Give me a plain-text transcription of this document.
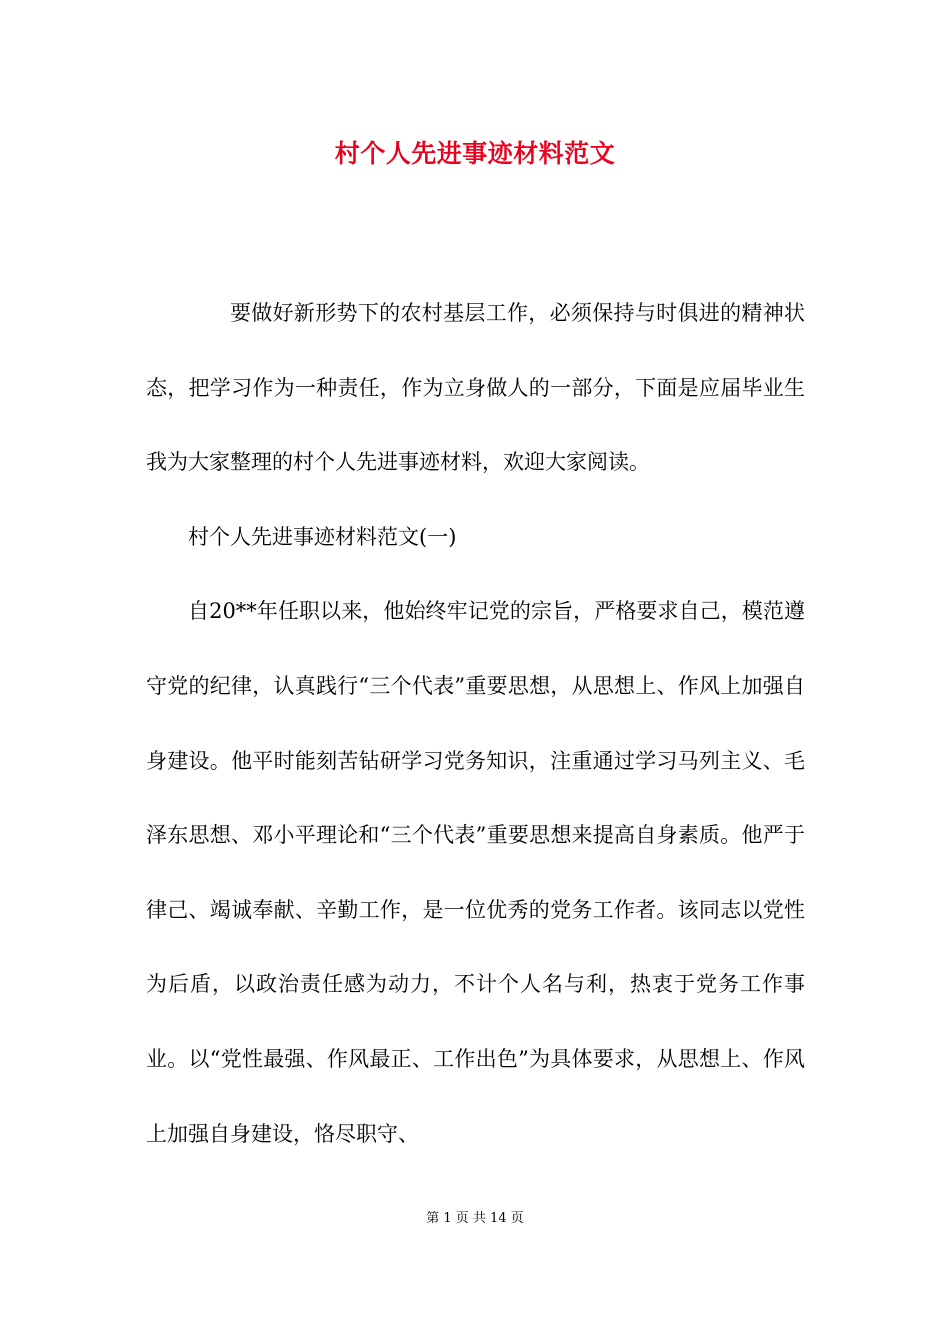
村个人先进事迹材料范文

要做好新形势下的农村基层工作，必须保持与时俱进的精神状态，把学习作为一种责任，作为立身做人的一部分，下面是应届毕业生我为大家整理的村个人先进事迹材料，欢迎大家阅读。

村个人先进事迹材料范文(一)

自20**年任职以来，他始终牢记党的宗旨，严格要求自己，模范遵守党的纪律，认真践行“三个代表”重要思想，从思想上、作风上加强自身建设。他平时能刻苦钻研学习党务知识，注重通过学习马列主义、毛泽东思想、邓小平理论和“三个代表”重要思想来提高自身素质。他严于律己、竭诚奉献、辛勤工作，是一位优秀的党务工作者。该同志以党性为后盾，以政治责任感为动力，不计个人名与利，热衷于党务工作事业。以“党性最强、作风最正、工作出色”为具体要求，从思想上、作风上加强自身建设，恪尽职守、

第 1 页 共 14 页
